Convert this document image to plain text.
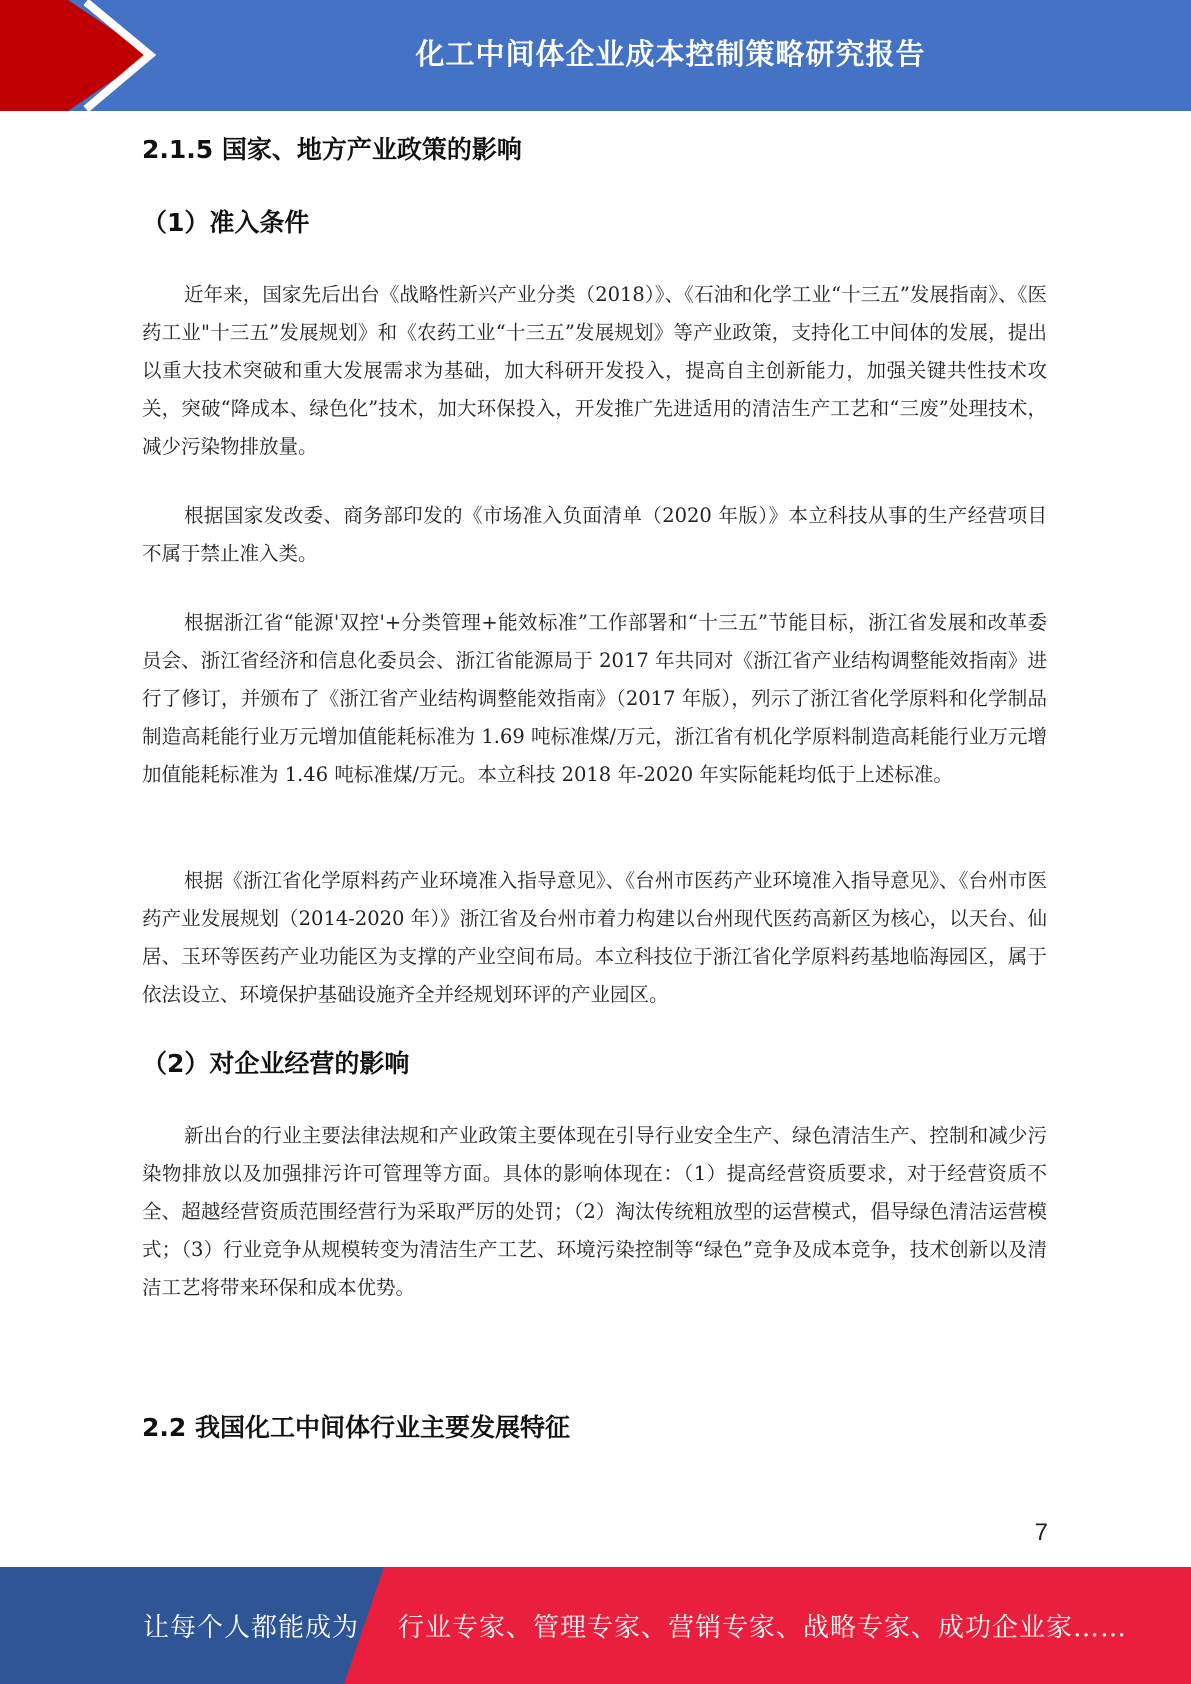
化工中间体企业成本控制策略研究报告
2.1.5 国家、地方产业政策的影响
（1）准入条件

近年来，国家先后出台《战略性新兴产业分类（2018）》、《石油和化学工业“十三五”发展指南》、《医药工业"十三五”发展规划》和《农药工业“十三五”发展规划》等产业政策，支持化工中间体的发展，提出以重大技术突破和重大发展需求为基础，加大科研开发投入，提高自主创新能力，加强关键共性技术攻关，突破“降成本、绿色化”技术，加大环保投入，开发推广先进适用的清洁生产工艺和“三废”处理技术，减少污染物排放量。

根据国家发改委、商务部印发的《市场准入负面清单（2020 年版）》本立科技从事的生产经营项目不属于禁止准入类。

根据浙江省“能源'双控'+分类管理+能效标准”工作部署和“十三五”节能目标，浙江省发展和改革委员会、浙江省经济和信息化委员会、浙江省能源局于 2017 年共同对《浙江省产业结构调整能效指南》进行了修订，并颁布了《浙江省产业结构调整能效指南》（2017 年版），列示了浙江省化学原料和化学制品制造高耗能行业万元增加值能耗标准为 1.69 吨标准煤/万元，浙江省有机化学原料制造高耗能行业万元增加值能耗标准为 1.46 吨标准煤/万元。本立科技 2018 年-2020 年实际能耗均低于上述标准。

根据《浙江省化学原料药产业环境准入指导意见》、《台州市医药产业环境准入指导意见》、《台州市医药产业发展规划（2014-2020 年）》浙江省及台州市着力构建以台州现代医药高新区为核心，以天台、仙居、玉环等医药产业功能区为支撑的产业空间布局。本立科技位于浙江省化学原料药基地临海园区，属于依法设立、环境保护基础设施齐全并经规划环评的产业园区。

（2）对企业经营的影响

新出台的行业主要法律法规和产业政策主要体现在引导行业安全生产、绿色清洁生产、控制和减少污染物排放以及加强排污许可管理等方面。具体的影响体现在：（1）提高经营资质要求，对于经营资质不全、超越经营资质范围经营行为采取严厉的处罚；（2）淘汰传统粗放型的运营模式，倡导绿色清洁运营模式；（3）行业竞争从规模转变为清洁生产工艺、环境污染控制等“绿色”竞争及成本竞争，技术创新以及清洁工艺将带来环保和成本优势。

2.2 我国化工中间体行业主要发展特征
7
让每个人都能成为 行业专家、管理专家、营销专家、战略专家、成功企业家……
